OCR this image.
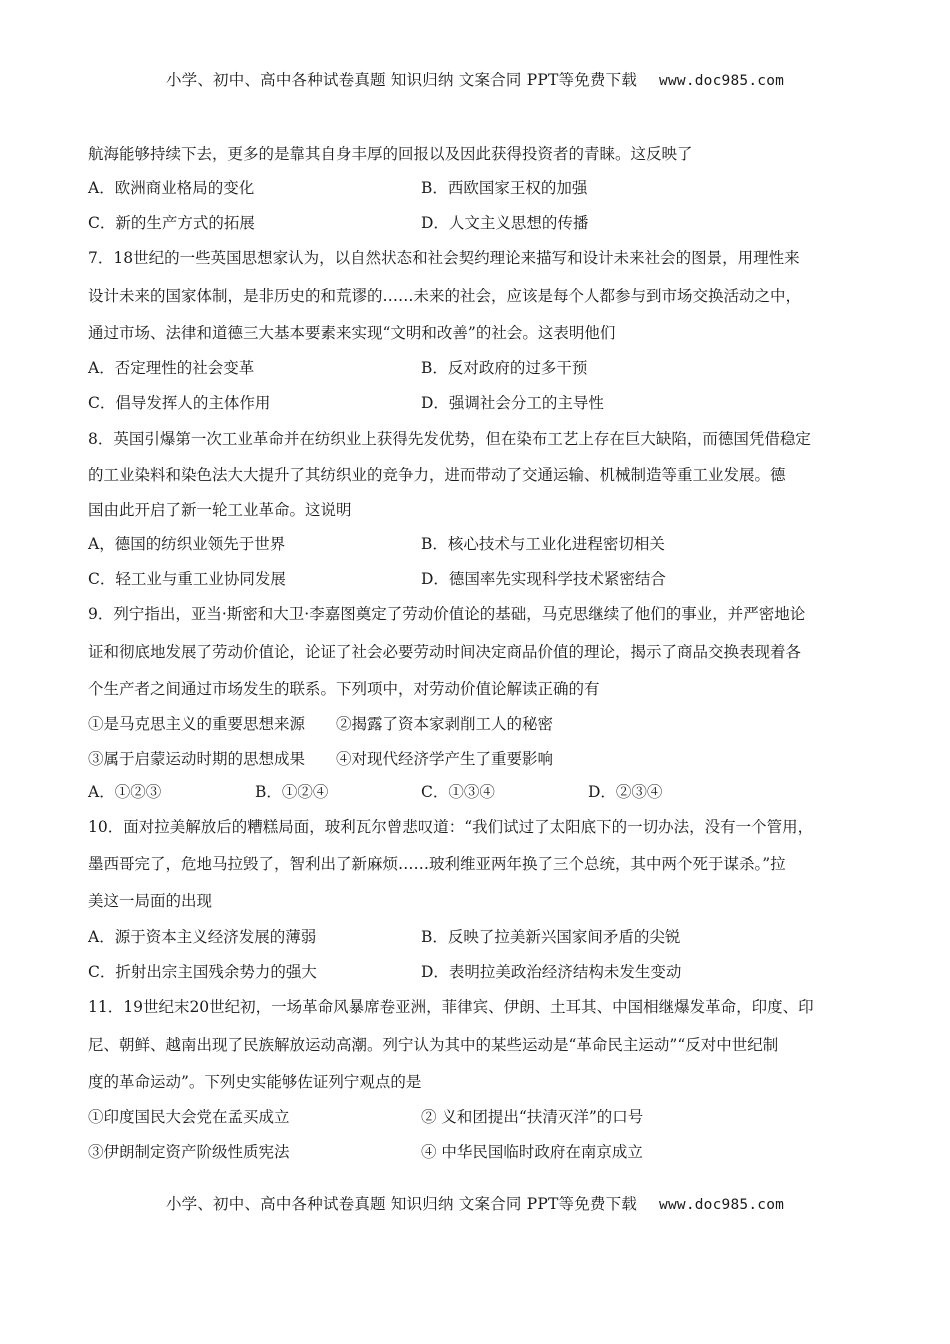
小学、初中、高中各种试卷真题 知识归纳 文案合同 PPT等免费下载 www.doc985.com
航海能够持续下去，更多的是靠其自身丰厚的回报以及因此获得投资者的青睐。这反映了
A．欧洲商业格局的变化	B．西欧国家王权的加强
C．新的生产方式的拓展	D．人文主义思想的传播
7．18世纪的一些英国思想家认为，以自然状态和社会契约理论来描写和设计未来社会的图景，用理性来
设计未来的国家体制，是非历史的和荒谬的……未来的社会，应该是每个人都参与到市场交换活动之中，
通过市场、法律和道德三大基本要素来实现“文明和改善”的社会。这表明他们
A．否定理性的社会变革	B．反对政府的过多干预
C．倡导发挥人的主体作用	D．强调社会分工的主导性
8．英国引爆第一次工业革命并在纺织业上获得先发优势，但在染布工艺上存在巨大缺陷，而德国凭借稳定
的工业染料和染色法大大提升了其纺织业的竞争力，进而带动了交通运输、机械制造等重工业发展。德
国由此开启了新一轮工业革命。这说明
A，德国的纺织业领先于世界	B．核心技术与工业化进程密切相关
C．轻工业与重工业协同发展	D．德国率先实现科学技术紧密结合
9．列宁指出，亚当·斯密和大卫·李嘉图奠定了劳动价值论的基础，马克思继续了他们的事业，并严密地论
证和彻底地发展了劳动价值论，论证了社会必要劳动时间决定商品价值的理论，揭示了商品交换表现着各
个生产者之间通过市场发生的联系。下列项中，对劳动价值论解读正确的有
①是马克思主义的重要思想来源　　②揭露了资本家剥削工人的秘密
③属于启蒙运动时期的思想成果　　④对现代经济学产生了重要影响
A．①②③	B．①②④	C．①③④	D．②③④
10．面对拉美解放后的糟糕局面，玻利瓦尔曾悲叹道：“我们试过了太阳底下的一切办法，没有一个管用，
墨西哥完了，危地马拉毁了，智利出了新麻烦……玻利维亚两年换了三个总统，其中两个死于谋杀。”拉
美这一局面的出现
A．源于资本主义经济发展的薄弱	B．反映了拉美新兴国家间矛盾的尖锐
C．折射出宗主国残余势力的强大	D．表明拉美政治经济结构未发生变动
11．19世纪末20世纪初，一场革命风暴席卷亚洲，菲律宾、伊朗、土耳其、中国相继爆发革命，印度、印
尼、朝鲜、越南出现了民族解放运动高潮。列宁认为其中的某些运动是“革命民主运动”“反对中世纪制
度的革命运动”。下列史实能够佐证列宁观点的是
①印度国民大会党在孟买成立	② 义和团提出“扶清灭洋”的口号
③伊朗制定资产阶级性质宪法	④ 中华民国临时政府在南京成立
小学、初中、高中各种试卷真题 知识归纳 文案合同 PPT等免费下载 www.doc985.com
